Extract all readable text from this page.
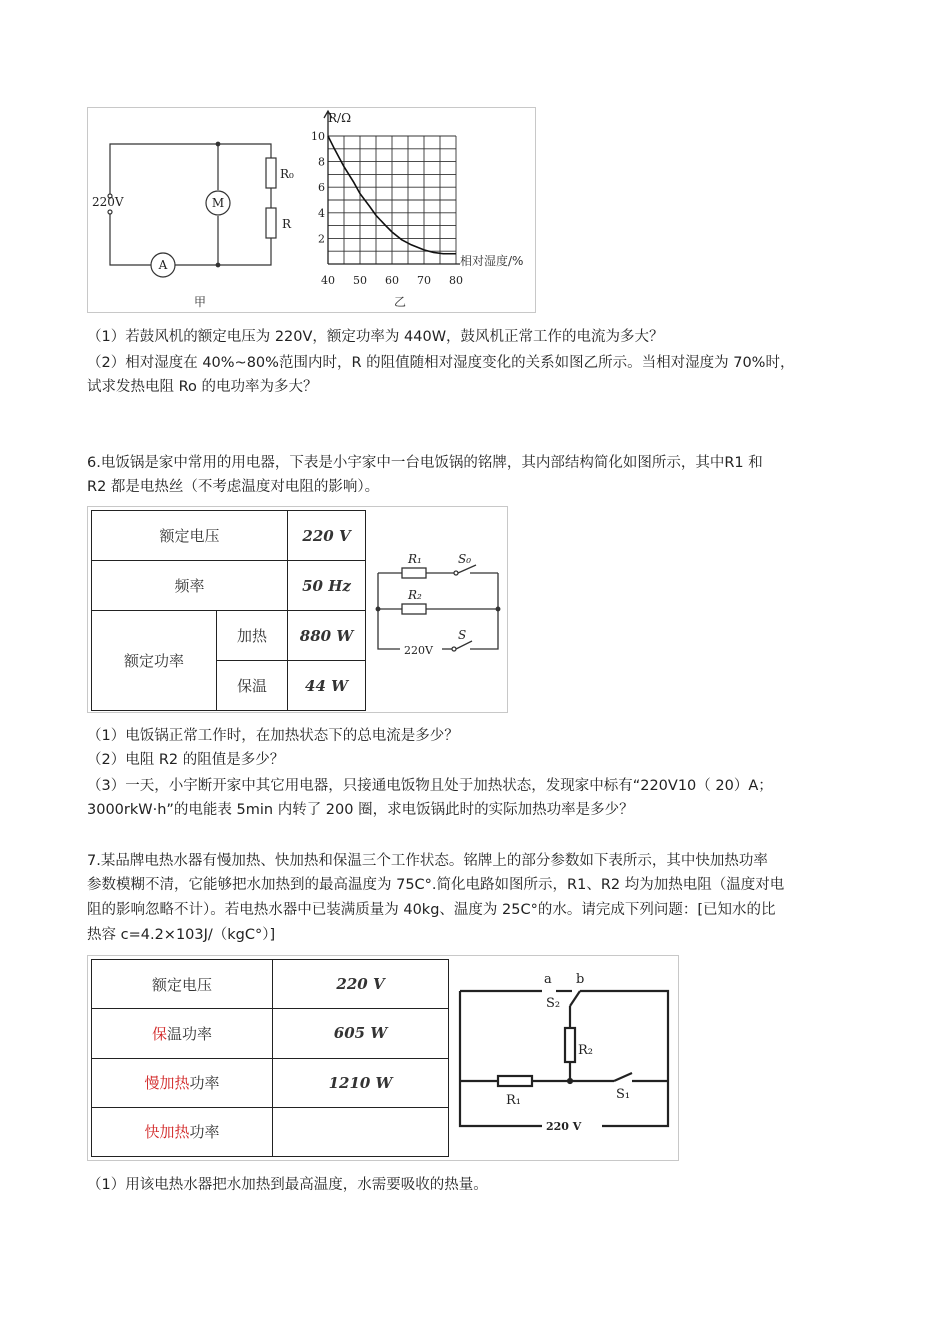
220V	M
A
R₀
R
甲
40 50 60 70 80
2
4
6
8
10
R/Ω
相对湿度/%
乙
（1）若鼓风机的额定电压为 220V，额定功率为 440W，鼓风机正常工作的电流为多大？
（2）相对湿度在 40%~80%范围内时，R 的阻值随相对湿度变化的关系如图乙所示。当相对湿度为 70%时，
试求发热电阻 Ro 的电功率为多大？
6.电饭锅是家中常用的用电器，下表是小宇家中一台电饭锅的铭牌，其内部结构简化如图所示，其中R1 和
R2 都是电热丝（不考虑温度对电阻的影响）。
额定电压		220 V
频率		50 Hz
额定功率	加热	880 W
	保温	44 W
R₁	S₀
R₂
S
220V
（1）电饭锅正常工作时，在加热状态下的总电流是多少？
（2）电阻 R2 的阻值是多少？
（3）一天，小宇断开家中其它用电器，只接通电饭物且处于加热状态，发现家中标有“220V10（ 20）A；
3000rkW·h”的电能表 5min 内转了 200 圈，求电饭锅此时的实际加热功率是多少？
7.某品牌电热水器有慢加热、快加热和保温三个工作状态。铭牌上的部分参数如下表所示，其中快加热功率
参数模糊不清，它能够把水加热到的最高温度为 75C°.简化电路如图所示，R1、R2 均为加热电阻（温度对电
阻的影响忽略不计）。若电热水器中已装满质量为 40kg、温度为 25C°的水。请完成下列问题：[已知水的比
热容 c=4.2×103J/（kgC°）]
额定电压	220 V
保温功率	605 W
慢加热功率	1210 W
快加热功率	
a b
S₂
R₂
R₁	S₁
220 V
（1）用该电热水器把水加热到最高温度，水需要吸收的热量。
